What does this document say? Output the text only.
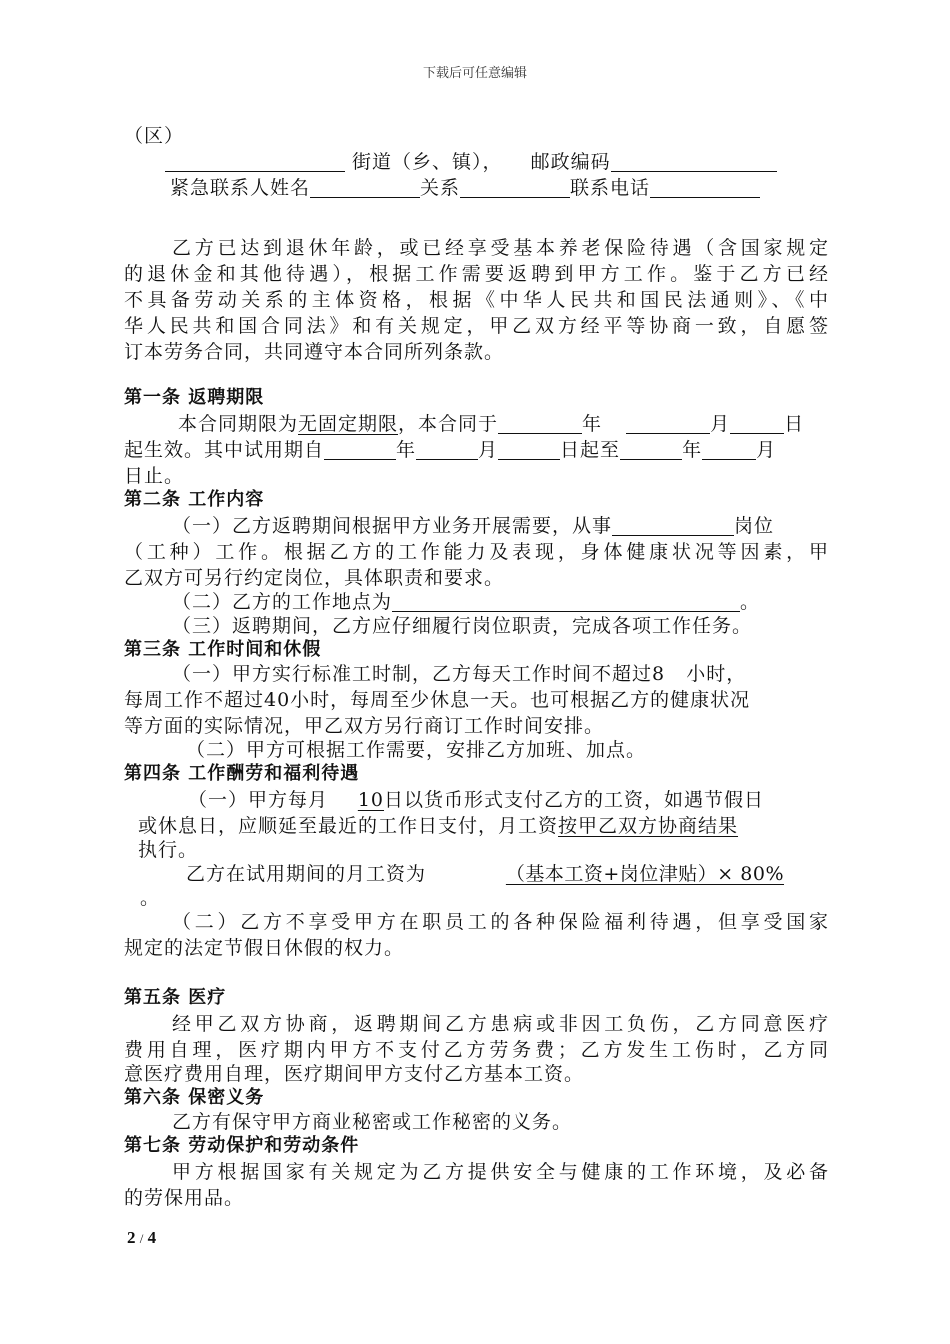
下载后可任意编辑
（区）
街道（乡、镇）， 邮政编码
紧急联系人姓名	关系	联系电话
乙方已达到退休年龄，或已经享受基本养老保险待遇（含国家规定
的退休金和其他待遇），根据工作需要返聘到甲方工作。鉴于乙方已经
不具备劳动关系的主体资格，根据《中华人民共和国民法通则》、《中
华人民共和国合同法》和有关规定，甲乙双方经平等协商一致，自愿签
订本劳务合同，共同遵守本合同所列条款。
第一条 返聘期限
本合同期限为无固定期限，本合同于	年	月	日
起生效。其中试用期自	年	月	日起至	年	月
日止。
第二条 工作内容
（一）乙方返聘期间根据甲方业务开展需要，从事	岗位
（工种）工作。根据乙方的工作能力及表现，身体健康状况等因素，甲
乙双方可另行约定岗位，具体职责和要求。
（二）乙方的工作地点为	。
（三）返聘期间，乙方应仔细履行岗位职责，完成各项工作任务。
第三条 工作时间和休假
（一）甲方实行标准工时制，乙方每天工作时间不超过8   小时，
每周工作不超过40小时，每周至少休息一天。也可根据乙方的健康状况
等方面的实际情况，甲乙双方另行商订工作时间安排。
（二）甲方可根据工作需要，安排乙方加班、加点。
第四条 工作酬劳和福利待遇
（一）甲方每月 10日以货币形式支付乙方的工资，如遇节假日
或休息日，应顺延至最近的工作日支付，月工资按甲乙双方协商结果
执行。
乙方在试用期间的月工资为	（基本工资+岗位津贴）× 80%
。
（二）乙方不享受甲方在职员工的各种保险福利待遇，但享受国家
规定的法定节假日休假的权力。
第五条 医疗
经甲乙双方协商，返聘期间乙方患病或非因工负伤，乙方同意医疗
费用自理，医疗期内甲方不支付乙方劳务费；乙方发生工伤时，乙方同
意医疗费用自理，医疗期间甲方支付乙方基本工资。
第六条 保密义务
乙方有保守甲方商业秘密或工作秘密的义务。
第七条 劳动保护和劳动条件
甲方根据国家有关规定为乙方提供安全与健康的工作环境，及必备
的劳保用品。
2 / 4
